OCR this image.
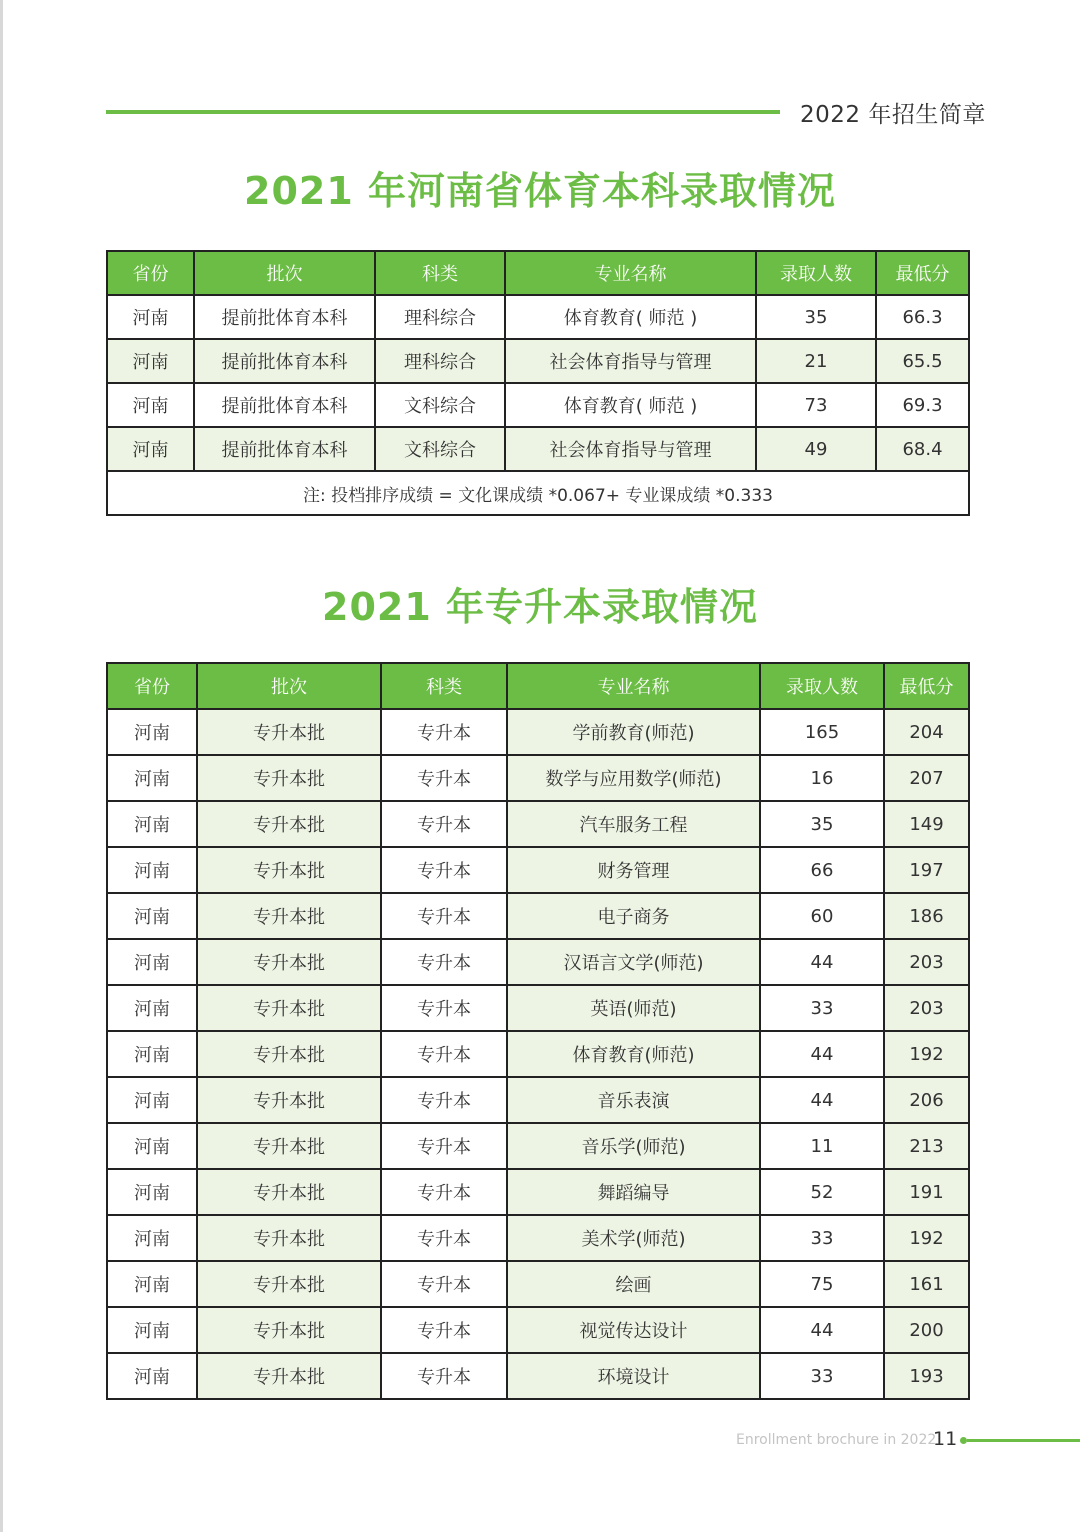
2022 年招生简章
2021 年河南省体育本科录取情况
省份	批次	科类	专业名称	录取人数	最低分
河南	提前批体育本科	理科综合	体育教育( 师范 )	35	66.3
河南	提前批体育本科	理科综合	社会体育指导与管理	21	65.5
河南	提前批体育本科	文科综合	体育教育( 师范 )	73	69.3
河南	提前批体育本科	文科综合	社会体育指导与管理	49	68.4
注: 投档排序成绩 = 文化课成绩 *0.067+ 专业课成绩 *0.333					
2021 年专升本录取情况
省份	批次	科类	专业名称	录取人数	最低分
河南	专升本批	专升本	学前教育(师范)	165	204
河南	专升本批	专升本	数学与应用数学(师范)	16	207
河南	专升本批	专升本	汽车服务工程	35	149
河南	专升本批	专升本	财务管理	66	197
河南	专升本批	专升本	电子商务	60	186
河南	专升本批	专升本	汉语言文学(师范)	44	203
河南	专升本批	专升本	英语(师范)	33	203
河南	专升本批	专升本	体育教育(师范)	44	192
河南	专升本批	专升本	音乐表演	44	206
河南	专升本批	专升本	音乐学(师范)	11	213
河南	专升本批	专升本	舞蹈编导	52	191
河南	专升本批	专升本	美术学(师范)	33	192
河南	专升本批	专升本	绘画	75	161
河南	专升本批	专升本	视觉传达设计	44	200
河南	专升本批	专升本	环境设计	33	193
Enrollment brochure in 2022
11
